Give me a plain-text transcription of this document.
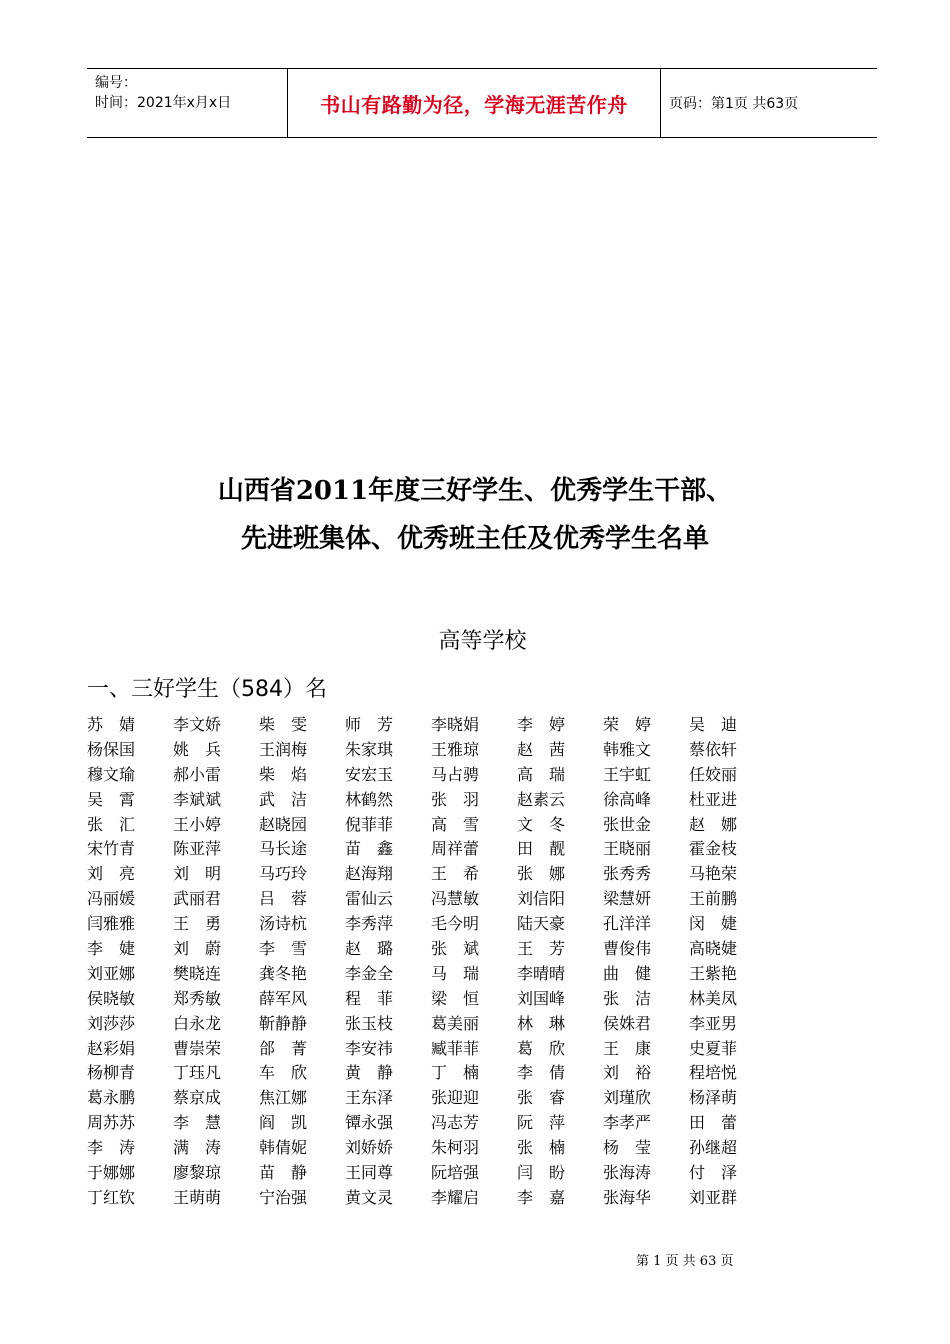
编号：
时间：2021年x月x日	书山有路勤为径，学海无涯苦作舟	页码：第1页 共63页
山西省2011年度三好学生、优秀学生干部、
先进班集体、优秀班主任及优秀学生名单
高等学校
一、三好学生（584）名
苏　婧	李文娇	柴　雯	师　芳	李晓娟	李　婷	荣　婷	吴　迪
杨保国	姚　兵	王润梅	朱家琪	王雅琼	赵　茜	韩雅文	蔡依轩
穆文瑜	郝小雷	柴　焰	安宏玉	马占骋	高　瑞	王宇虹	任姣丽
吴　霄	李斌斌	武　洁	林鹤然	张　羽	赵素云	徐高峰	杜亚进
张　汇	王小婷	赵晓园	倪菲菲	高　雪	文　冬	张世金	赵　娜
宋竹青	陈亚萍	马长途	苗　鑫	周祥蕾	田　靓	王晓丽	霍金枝
刘　亮	刘　明	马巧玲	赵海翔	王　希	张　娜	张秀秀	马艳荣
冯丽媛	武丽君	吕　蓉	雷仙云	冯慧敏	刘信阳	梁慧妍	王前鹏
闫雅雅	王　勇	汤诗杭	李秀萍	毛今明	陆天豪	孔洋洋	闵　婕
李　婕	刘　蔚	李　雪	赵　璐	张　斌	王　芳	曹俊伟	高晓婕
刘亚娜	樊晓连	龚冬艳	李金全	马　瑞	李晴晴	曲　健	王紫艳
侯晓敏	郑秀敏	薛军风	程　菲	梁　恒	刘国峰	张　洁	林美凤
刘莎莎	白永龙	靳静静	张玉枝	葛美丽	林　琳	侯姝君	李亚男
赵彩娟	曹崇荣	郃　菁	李安祎	臧菲菲	葛　欣	王　康	史夏菲
杨柳青	丁珏凡	车　欣	黄　静	丁　楠	李　倩	刘　裕	程培悦
葛永鹏	蔡京成	焦江娜	王东泽	张迎迎	张　睿	刘瑾欣	杨泽萌
周苏苏	李　慧	阎　凯	镡永强	冯志芳	阮　萍	李孝严	田　蕾
李　涛	满　涛	韩倩妮	刘娇娇	朱柯羽	张　楠	杨　莹	孙继超
于娜娜	廖黎琼	苗　静	王同尊	阮培强	闫　盼	张海涛	付　泽
丁红钦	王萌萌	宁治强	黄文灵	李耀启	李　嘉	张海华	刘亚群
第 1 页 共 63 页
